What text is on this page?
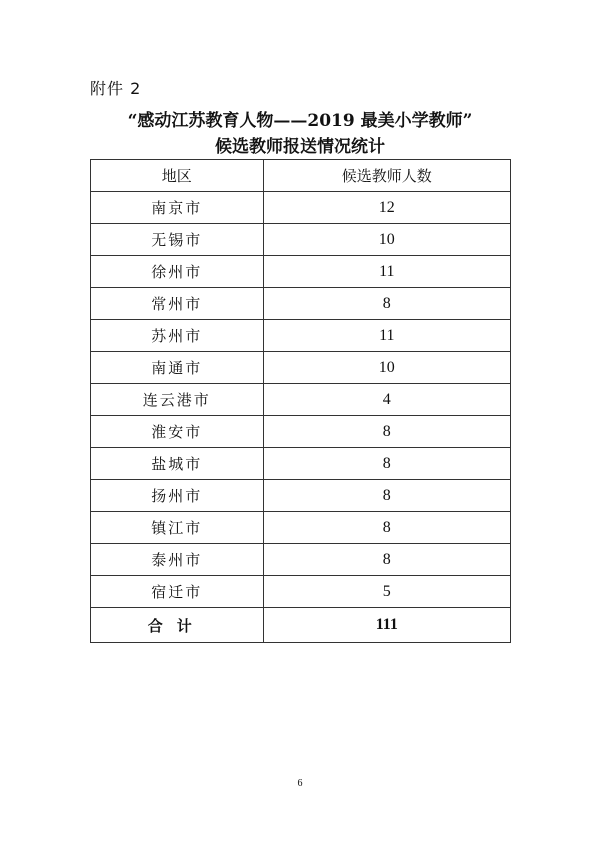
附件 2
“感动江苏教育人物——2019 最美小学教师”
候选教师报送情况统计
地区	候选教师人数
南京市	12
无锡市	10
徐州市	11
常州市	8
苏州市	11
南通市	10
连云港市	4
淮安市	8
盐城市	8
扬州市	8
镇江市	8
泰州市	8
宿迁市	5
合计	111
6
